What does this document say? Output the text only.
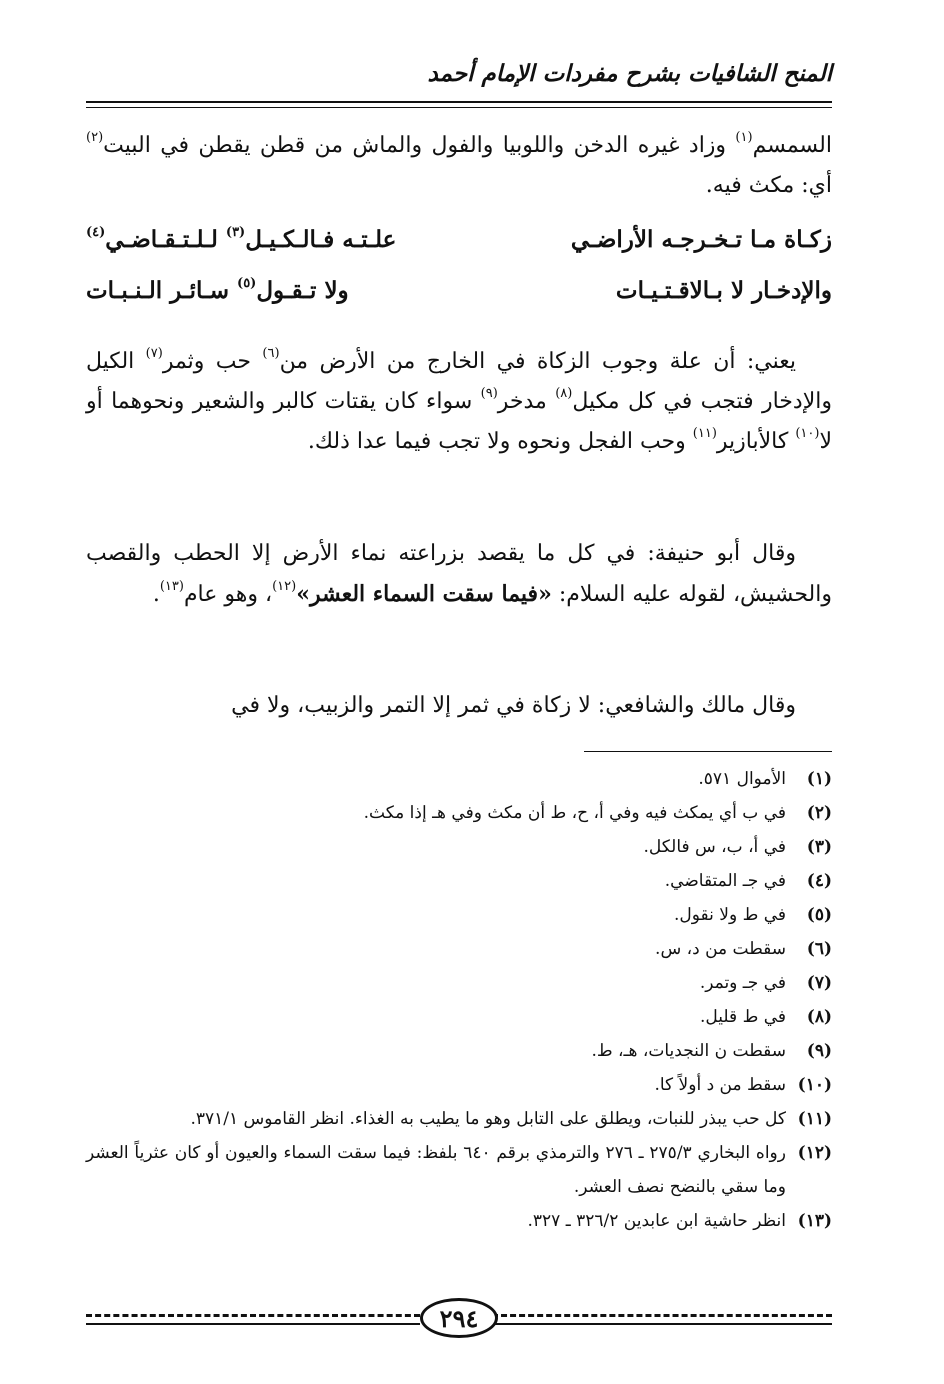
المنح الشافيات بشرح مفردات الإمام أحمد
السمسم$^{(١)}$ وزاد غيره الدخن واللوبيا والفول والماش من قطن يقطن في البيت$^{(٢)}$ أي: مكث فيه.
زكـاة مـا تـخـرجـه الأراضـي
علـتـه فـالـكـيـل$^{(٣)}$ لـلـتـقـاضـي$^{(٤)}$
والإدخـار لا بـالاقـتـيـات
ولا تـقـول$^{(٥)}$ سـائـر الـنـبـات
يعني: أن علة وجوب الزكاة في الخارج من الأرض من$^{(٦)}$ حب وثمر$^{(٧)}$ الكيل والإدخار فتجب في كل مكيل$^{(٨)}$ مدخر$^{(٩)}$ سواء كان يقتات كالبر والشعير ونحوهما أو لا$^{(١٠)}$ كالأبازير$^{(١١)}$ وحب الفجل ونحوه ولا تجب فيما عدا ذلك.
وقال أبو حنيفة: في كل ما يقصد بزراعته نماء الأرض إلا الحطب والقصب والحشيش، لقوله عليه السلام: «فيما سقت السماء العشر»$^{(١٢)}$، وهو عام$^{(١٣)}$.
وقال مالك والشافعي: لا زكاة في ثمر إلا التمر والزبيب، ولا في
(١)
الأموال ٥٧١.
(٢)
في ب أي يمكث فيه وفي أ، ح، ط أن مكث وفي هـ إذا مكث.
(٣)
في أ، ب، س فالكل.
(٤)
في جـ المتقاضي.
(٥)
في ط ولا نقول.
(٦)
سقطت من د، س.
(٧)
في جـ وتمر.
(٨)
في ط قليل.
(٩)
سقطت ن النجديات، هـ، ط.
(١٠)
سقط من د أولاً كا.
(١١)
كل حب يبذر للنبات، ويطلق على التابل وهو ما يطيب به الغذاء. انظر القاموس ٣٧١/١.
(١٢)
رواه البخاري ٢٧٥/٣ ـ ٢٧٦ والترمذي برقم ٦٤٠ بلفظ: فيما سقت السماء والعيون أو كان عثرياً العشر وما سقي بالنضح نصف العشر.
(١٣)
انظر حاشية ابن عابدين ٣٢٦/٢ ـ ٣٢٧.
٢٩٤
